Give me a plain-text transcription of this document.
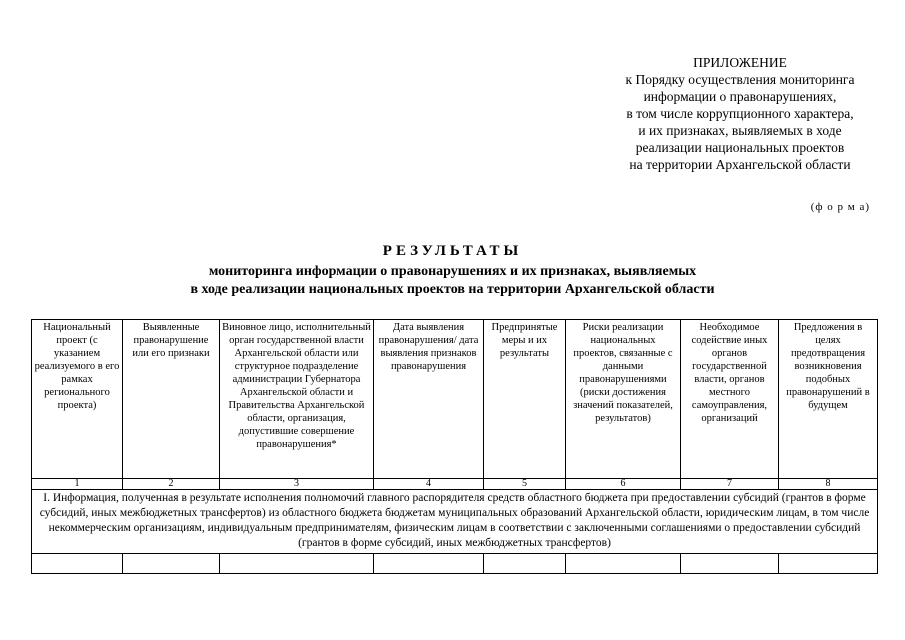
ПРИЛОЖЕНИЕ
к Порядку осуществления мониторинга
информации о правонарушениях,
в том числе коррупционного характера,
и их признаках, выявляемых в ходе
реализации национальных проектов
на территории Архангельской области
(ф о р м а)
РЕЗУЛЬТАТЫ
мониторинга информации о правонарушениях и их признаках, выявляемых
в ходе реализации национальных проектов на территории Архангельской области
Национальный проект (с указанием реализуемого в его рамках регионального проекта)	Выявленные правонарушение или его признаки	Виновное лицо, исполнительный орган государственной власти Архангельской области или структурное подразделение администрации Губернатора Архангельской области и Правительства Архангельской области, организация, допустившие совершение правонарушения*	Дата выявления правонарушения/ дата выявления признаков правонарушения	Предпринятые меры и их результаты	Риски реализации национальных проектов, связанные с данными правонарушениями (риски достижения значений показателей, результатов)	Необходимое содействие иных органов государственной власти, органов местного самоуправления, организаций	Предложения в целях предотвращения возникновения подобных правонарушений в будущем
1	2	3	4	5	6	7	8
I. Информация, полученная в результате исполнения полномочий главного распорядителя средств областного бюджета при предоставлении субсидий (грантов в форме субсидий, иных межбюджетных трансфертов) из областного бюджета бюджетам муниципальных образований Архангельской области, юридическим лицам, в том числе некоммерческим организациям, индивидуальным предпринимателям, физическим лицам в соответствии с заключенными соглашениями о предоставлении субсидий (грантов в форме субсидий, иных межбюджетных трансфертов)							
